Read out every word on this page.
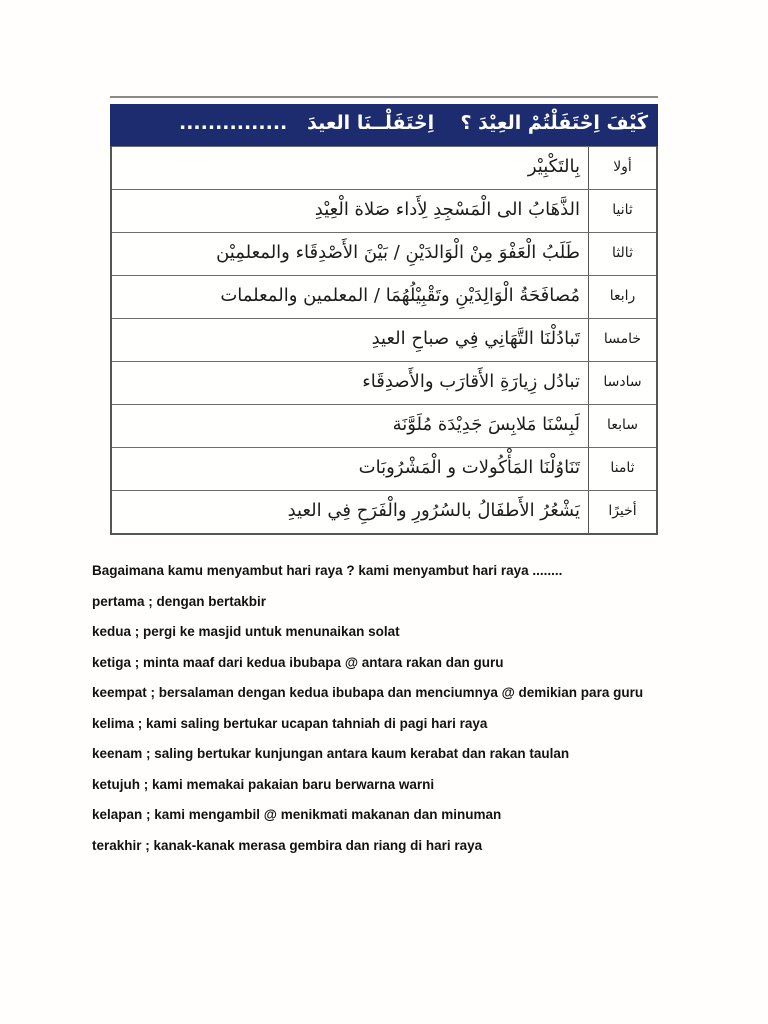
كَيْفَ اِحْتَفَلْتُمْ العِيْدَ ؟    اِحْتَفَلْــنَا العيدَ   ...............
بِالتَكْبِيْر	أولا
الذَّهَابُ الى الْمَسْجِدِ لِأَداء صَلاة الْعِيْدِ	ثانيا
طَلَبُ الْعَفْوَ مِنْ الْوَالدَيْنِ / بَيْنَ الأَصْدِقَاء والمعلمِيْن	ثالثا
مُصافَحَةُ الْوَالِدَيْنِ وتَقْبِيْلُهُمَا / المعلمين والمعلمات	رابعا
تَبادُلْنَا التَّهَانِي فِي صباحِ العيدِ	خامسا
تبادُل زِيارَةِ الأَقارَب والأَصدِقَاء	سادسا
لَبِسْنَا مَلابِسَ جَدِيْدَة مُلَوَّنَة	سابعا
تَنَاوُلْنَا المَأْكُولات و الْمَشْرُوبَات	ثامنا
يَشْعُرُ الأَطفَالُ بالسُرُورِ والْفَرَحِ فِي العيدِ	أخيرًا

Bagaimana kamu menyambut hari raya ? kami menyambut hari raya ........

pertama ; dengan bertakbir

kedua ; pergi ke masjid untuk menunaikan solat

ketiga ; minta maaf dari kedua ibubapa @ antara rakan dan guru

keempat ; bersalaman dengan kedua ibubapa dan menciumnya @ demikian para guru

kelima ; kami saling bertukar ucapan tahniah di pagi hari raya

keenam ; saling bertukar kunjungan antara kaum kerabat dan rakan taulan

ketujuh ; kami memakai pakaian baru berwarna warni

kelapan ; kami mengambil @ menikmati makanan dan minuman

terakhir ; kanak-kanak merasa gembira dan riang di hari raya
